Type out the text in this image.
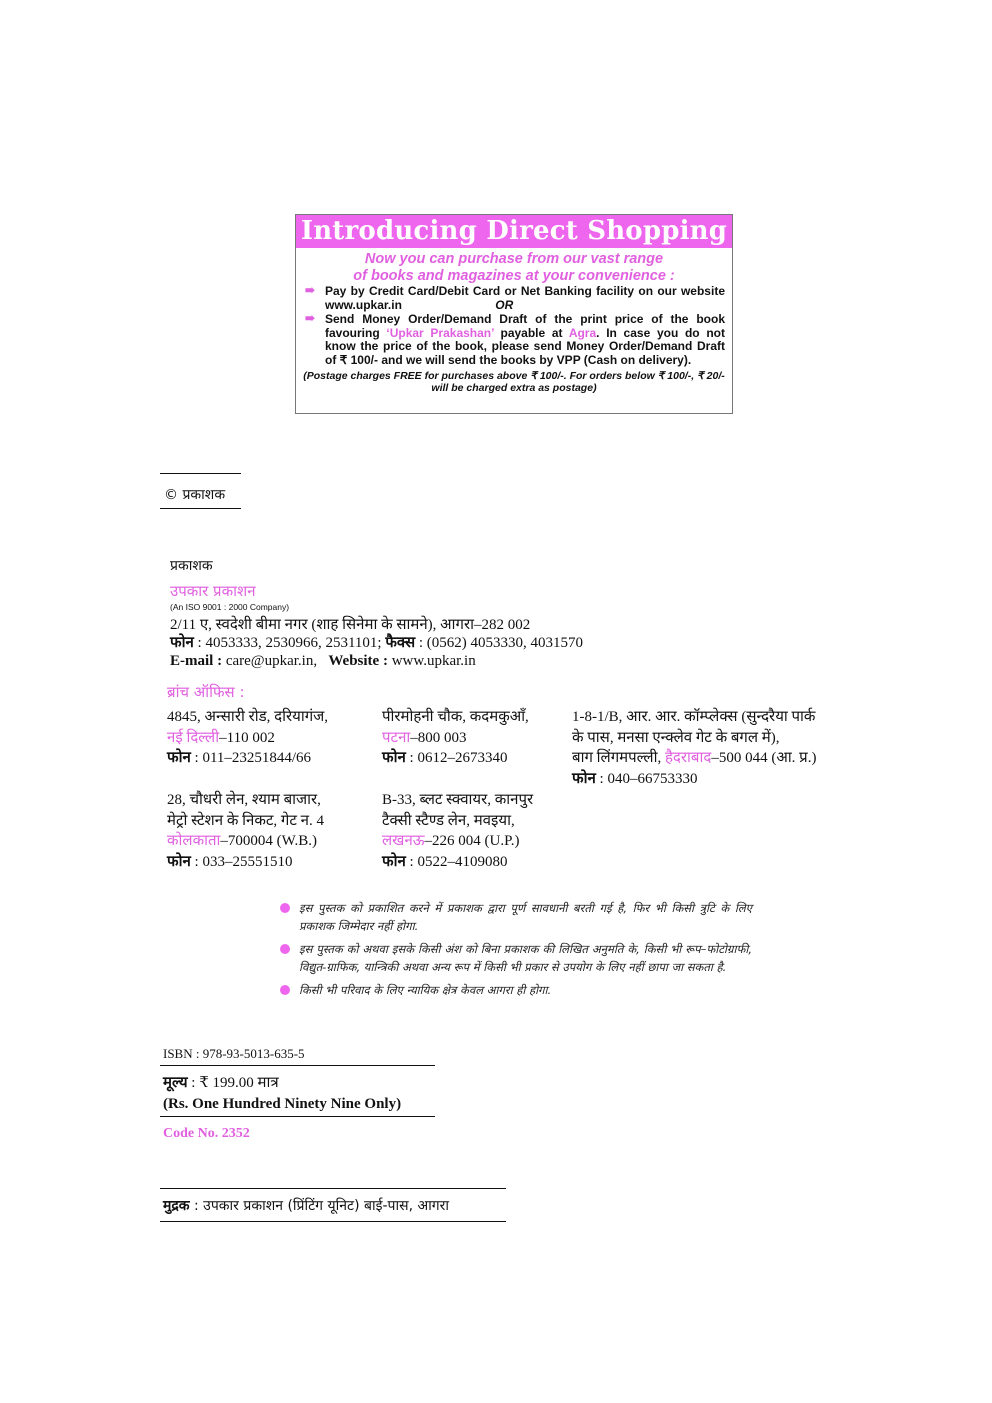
Introducing Direct Shopping
Now you can purchase from our vast range
of books and magazines at your convenience :
➠ Pay by Credit Card/Debit Card or Net Banking facility on our website www.upkar.in	OR
➠ Send Money Order/Demand Draft of the print price of the book favouring ‘Upkar Prakashan’ payable at Agra. In case you do not know the price of the book, please send Money Order/Demand Draft of ₹ 100/- and we will send the books by VPP (Cash on delivery).
(Postage charges FREE for purchases above ₹ 100/-. For orders below ₹ 100/-, ₹ 20/- will be charged extra as postage)
© प्रकाशक
प्रकाशक
उपकार प्रकाशन
(An ISO 9001 : 2000 Company)
2/11 ए, स्वदेशी बीमा नगर (शाह सिनेमा के सामने), आगरा–282 002
फोन : 4053333, 2530966, 2531101; फैक्स : (0562) 4053330, 4031570
E-mail : care@upkar.in, Website : www.upkar.in
ब्रांच ऑफिस :
4845, अन्सारी रोड, दरियागंज,
नई दिल्ली–110 002
फोन : 011–23251844/66
पीरमोहनी चौक, कदमकुआँ,
पटना–800 003
फोन : 0612–2673340
1-8-1/B, आर. आर. कॉम्प्लेक्स (सुन्दरैया पार्क
के पास, मनसा एन्क्लेव गेट के बगल में),
बाग लिंगमपल्ली, हैदराबाद–500 044 (आ. प्र.)
फोन : 040–66753330
28, चौधरी लेन, श्याम बाजार,
मेट्रो स्टेशन के निकट, गेट न. 4
कोलकाता–700004 (W.B.)
फोन : 033–25551510
B-33, ब्लट स्क्वायर, कानपुर
टैक्सी स्टैण्ड लेन, मवइया,
लखनऊ–226 004 (U.P.)
फोन : 0522–4109080
इस पुस्तक को प्रकाशित करने में प्रकाशक द्वारा पूर्ण सावधानी बरती गई है, फिर भी किसी त्रुटि के लिए प्रकाशक जिम्मेदार नहीं होगा.
इस पुस्तक को अथवा इसके किसी अंश को बिना प्रकाशक की लिखित अनुमति के, किसी भी रूप–फोटोग्राफी, विद्युत-ग्राफिक, यान्त्रिकी अथवा अन्य रूप में किसी भी प्रकार से उपयोग के लिए नहीं छापा जा सकता है.
किसी भी परिवाद के लिए न्यायिक क्षेत्र केवल आगरा ही होगा.
ISBN : 978-93-5013-635-5
मूल्य : ₹ 199.00 मात्र
(Rs. One Hundred Ninety Nine Only)
Code No. 2352
मुद्रक : उपकार प्रकाशन (प्रिंटिंग यूनिट) बाई-पास, आगरा
